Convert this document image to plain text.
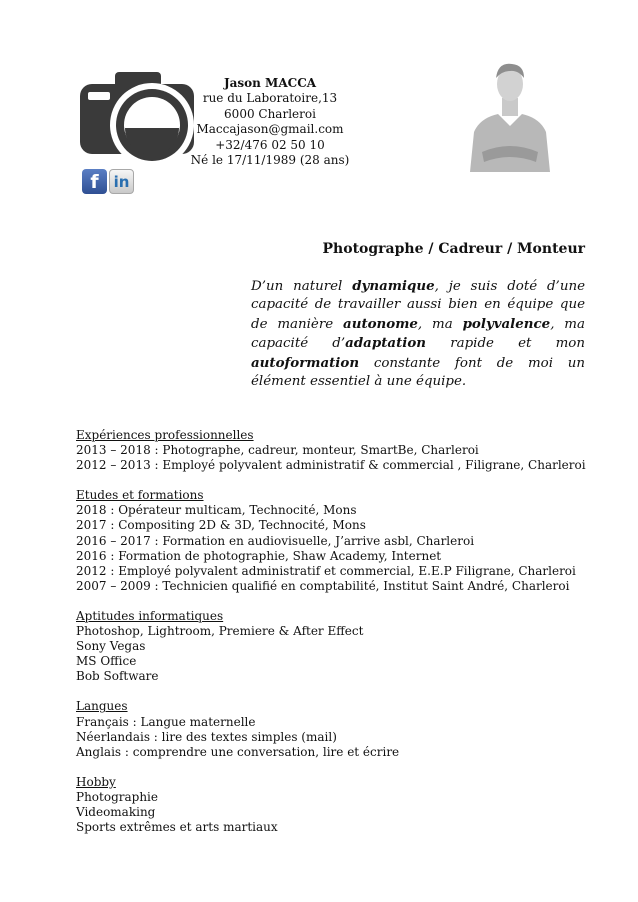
Jason MACCA
rue du Laboratoire,13
6000 Charleroi
Maccajason@gmail.com
+32/476 02 50 10
Né le 17/11/1989 (28 ans)
f in
Photographe / Cadreur / Monteur
D’un naturel dynamique, je suis doté d’une capacité de travailler aussi bien en équipe que de manière autonome, ma polyvalence, ma capacité d’adaptation rapide et mon autoformation constante font de moi un élément essentiel à une équipe.
Expériences professionnelles
2013 – 2018 : Photographe, cadreur, monteur, SmartBe, Charleroi
2012 – 2013 : Employé polyvalent administratif & commercial , Filigrane, Charleroi
Etudes et formations
2018 : Opérateur multicam, Technocité, Mons
2017 : Compositing 2D & 3D, Technocité, Mons
2016 – 2017 : Formation en audiovisuelle, J’arrive asbl, Charleroi
2016 : Formation de photographie, Shaw Academy, Internet
2012 : Employé polyvalent administratif et commercial, E.E.P Filigrane, Charleroi
2007 – 2009 : Technicien qualifié en comptabilité, Institut Saint André, Charleroi
Aptitudes informatiques
Photoshop, Lightroom, Premiere & After Effect
Sony Vegas
MS Office
Bob Software
Langues
Français : Langue maternelle
Néerlandais : lire des textes simples (mail)
Anglais : comprendre une conversation, lire et écrire
Hobby
Photographie
Videomaking
Sports extrêmes et arts martiaux
